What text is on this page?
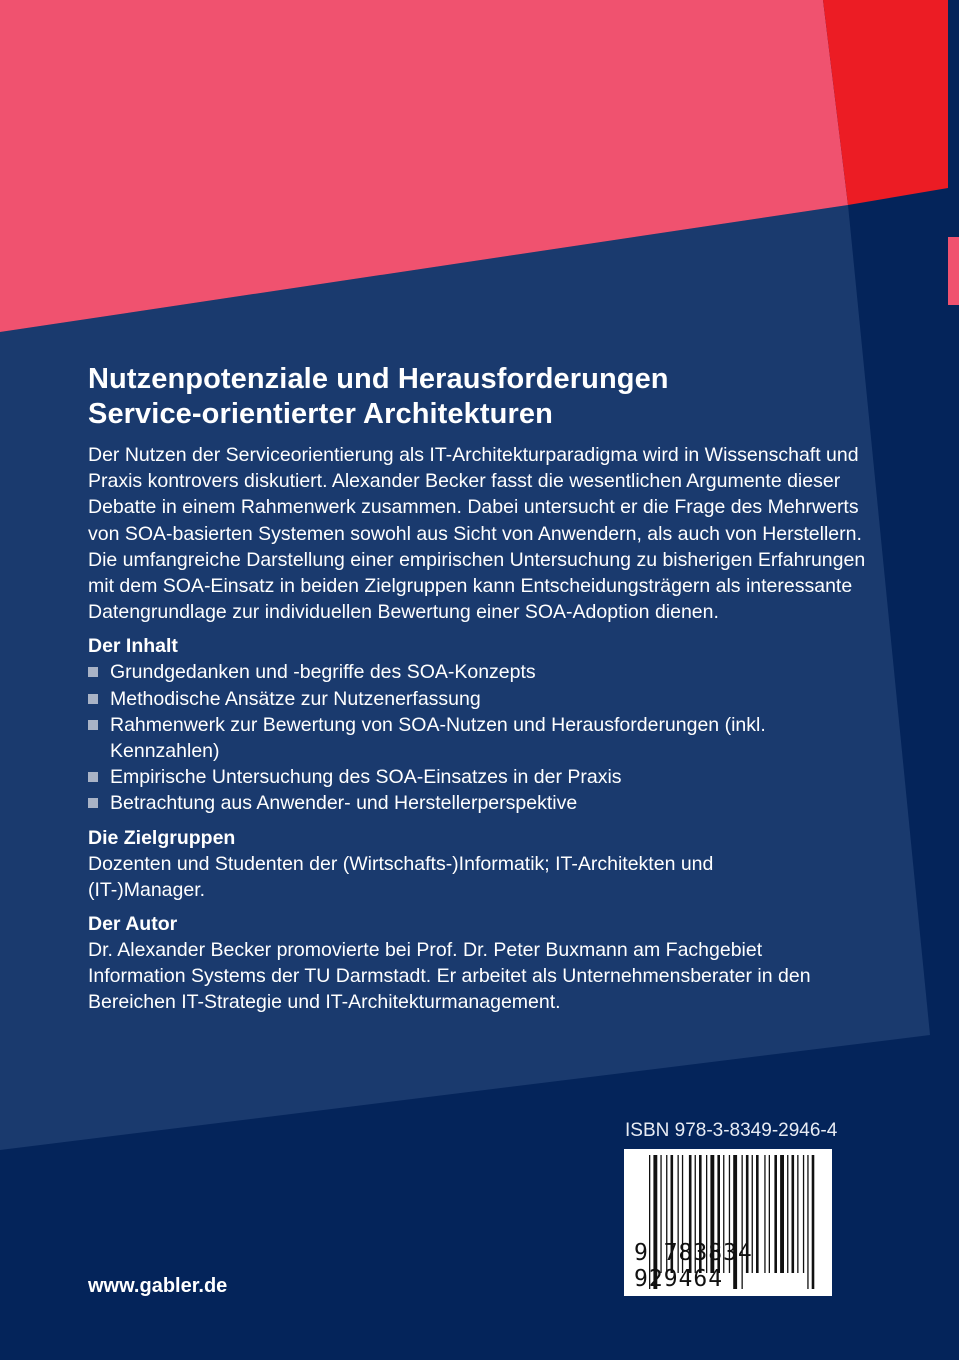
Nutzenpotenziale und Herausforderungen
Service-orientierter Architekturen

Der Nutzen der Serviceorientierung als IT-Architekturparadigma wird in Wissenschaft und Praxis kontrovers diskutiert. Alexander Becker fasst die wesentlichen Argumente dieser Debatte in einem Rahmenwerk zusammen. Dabei untersucht er die Frage des Mehrwerts von SOA-basierten Systemen sowohl aus Sicht von Anwendern, als auch von Herstellern. Die umfangreiche Darstellung einer empirischen Untersuchung zu bisherigen Erfahrungen mit dem SOA-Einsatz in beiden Zielgruppen kann Entscheidungsträgern als interessante Datengrundlage zur individuellen Bewertung einer SOA-Adoption dienen.

Der Inhalt
Grundgedanken und -begriffe des SOA-Konzepts
Methodische Ansätze zur Nutzenerfassung
Rahmenwerk zur Bewertung von SOA-Nutzen und Herausforderungen (inkl. Kennzahlen)
Empirische Untersuchung des SOA-Einsatzes in der Praxis
Betrachtung aus Anwender- und Herstellerperspektive
Die Zielgruppen

Dozenten und Studenten der (Wirtschafts-)Informatik; IT-Architekten und (IT-)Manager.

Der Autor

Dr. Alexander Becker promovierte bei Prof. Dr. Peter Buxmann am Fachgebiet Information Systems der TU Darmstadt. Er arbeitet als Unternehmensberater in den Bereichen IT-Strategie und IT-Architekturmanagement.

ISBN 978-3-8349-2946-4
9 783834 929464
www.gabler.de
